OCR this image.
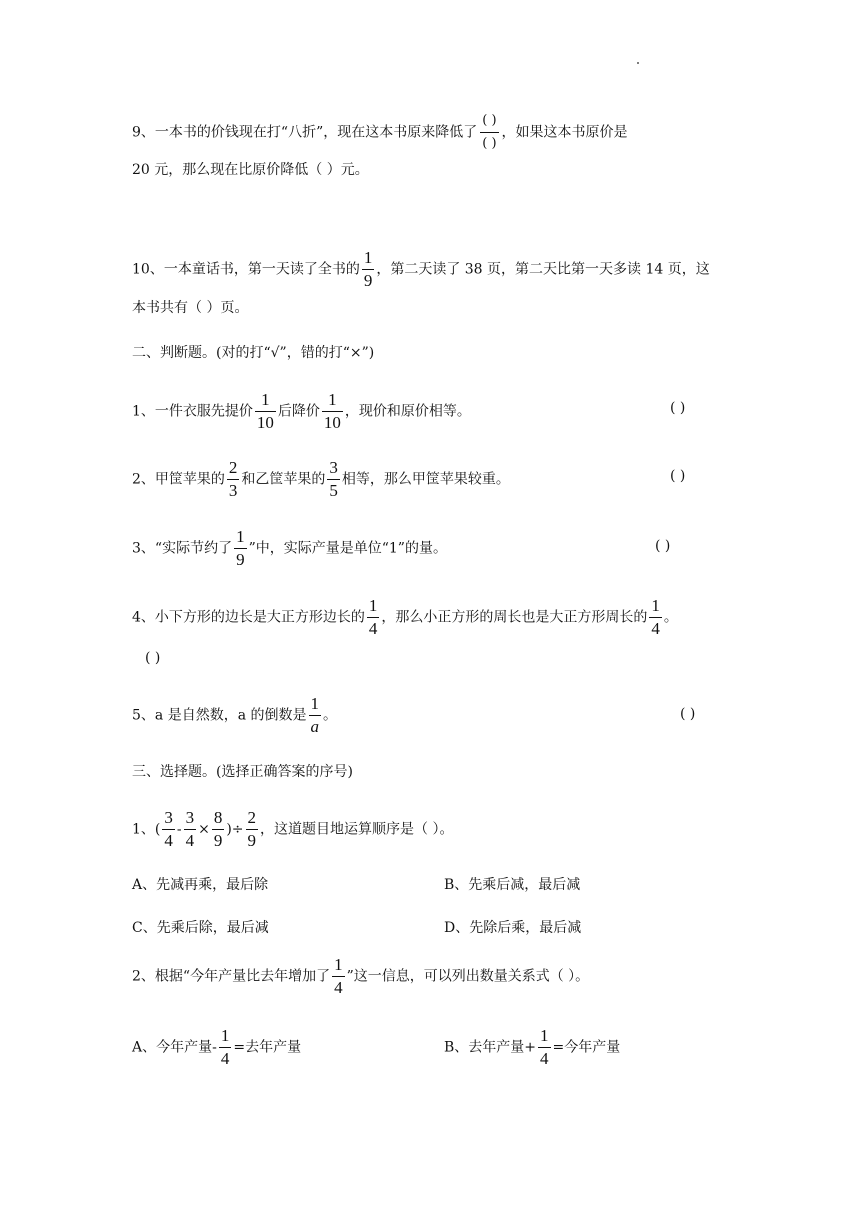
9、一本书的价钱现在打“八折”，现在这本书原来降低了 $\frac{( )}{( )}$ ，如果这本书原价是
20 元，那么现在比原价降低（ ）元。
10、一本童话书，第一天读了全书的 $\frac{1}{9}$ ，第二天读了 38 页，第二天比第一天多读 14 页，这
本书共有（ ）页。
二、判断题。(对的打“√”，错的打“×”)
1、一件衣服先提价 $\frac{1}{10}$ 后降价 $\frac{1}{10}$ ，现价和原价相等。	( )
2、甲筐苹果的 $\frac{2}{3}$ 和乙筐苹果的 $\frac{3}{5}$ 相等，那么甲筐苹果较重。	( )
3、“实际节约了 $\frac{1}{9}$ ”中，实际产量是单位“1”的量。	( )
4、小下方形的边长是大正方形边长的 $\frac{1}{4}$ ，那么小正方形的周长也是大正方形周长的 $\frac{1}{4}$ 。
( )
5、a 是自然数，a 的倒数是 $\frac{1}{a}$ 。	( )
三、选择题。(选择正确答案的序号)
1、( $\frac{3}{4} - \frac{3}{4} \times \frac{8}{9}$ )÷ $\frac{2}{9}$ ，这道题目地运算顺序是（ ）。
A、先减再乘，最后除	B、先乘后减，最后减
C、先乘后除，最后减	D、先除后乘，最后减
2、根据“今年产量比去年增加了 $\frac{1}{4}$ ”这一信息，可以列出数量关系式（ ）。
A、今年产量- $\frac{1}{4}$ =去年产量	B、去年产量+ $\frac{1}{4}$ =今年产量
